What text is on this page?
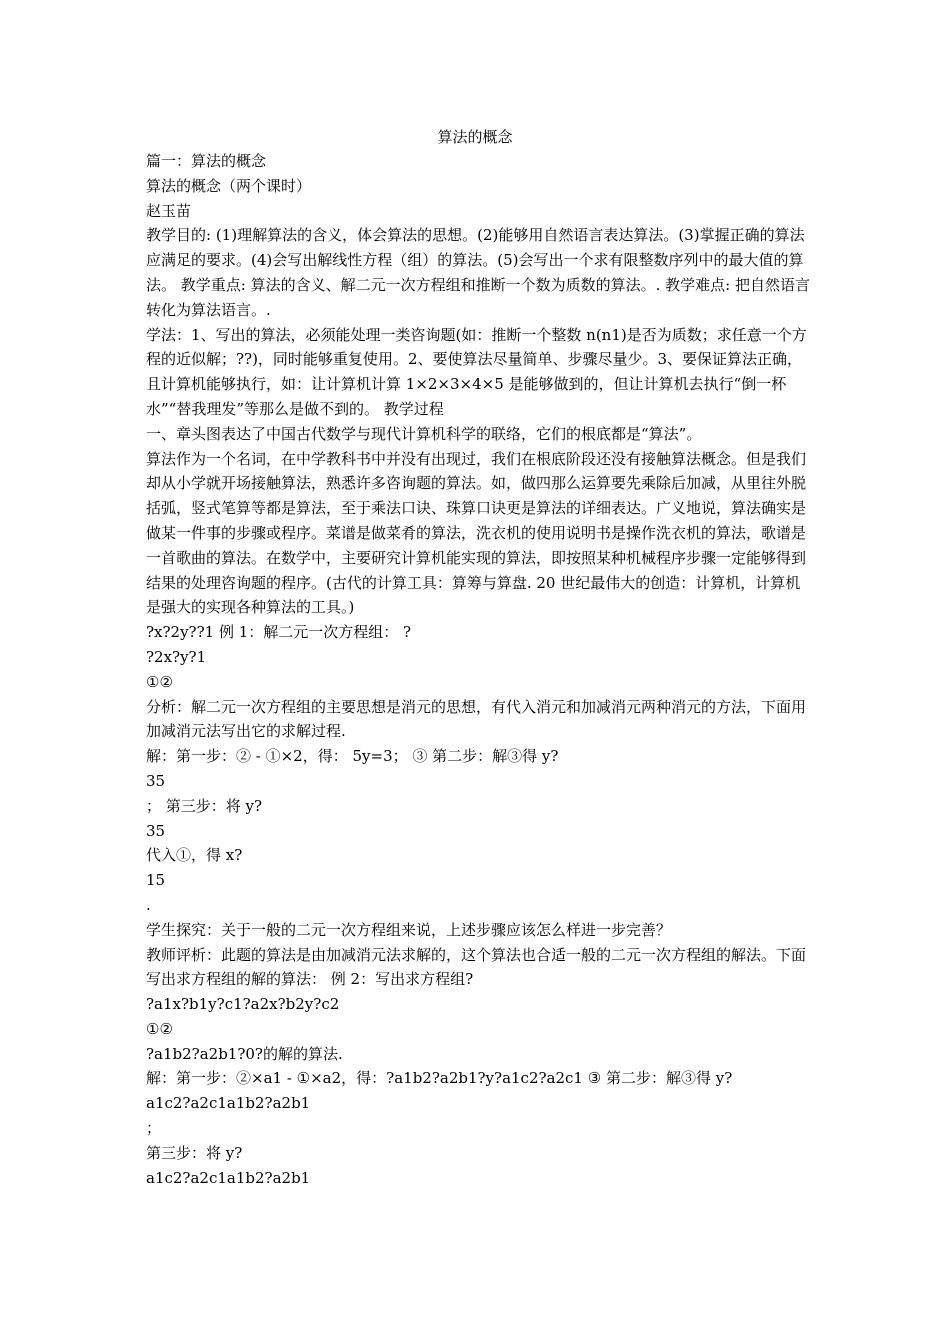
算法的概念

篇一：算法的概念

算法的概念（两个课时）

赵玉苗

教学目的: (1)理解算法的含义，体会算法的思想。(2)能够用自然语言表达算法。(3)掌握正确的算法应满足的要求。(4)会写出解线性方程（组）的算法。(5)会写出一个求有限整数序列中的最大值的算法。 教学重点: 算法的含义、解二元一次方程组和推断一个数为质数的算法。. 教学难点: 把自然语言转化为算法语言。.

学法：1、写出的算法，必须能处理一类咨询题(如：推断一个整数 n(n1)是否为质数；求任意一个方程的近似解；??)，同时能够重复使用。2、要使算法尽量简单、步骤尽量少。3、要保证算法正确，且计算机能够执行，如：让计算机计算 1×2×3×4×5 是能够做到的，但让计算机去执行“倒一杯水”“替我理发”等那么是做不到的。 教学过程

一、章头图表达了中国古代数学与现代计算机科学的联络，它们的根底都是“算法”。

算法作为一个名词，在中学教科书中并没有出现过，我们在根底阶段还没有接触算法概念。但是我们却从小学就开场接触算法，熟悉许多咨询题的算法。如，做四那么运算要先乘除后加减，从里往外脱括弧，竖式笔算等都是算法，至于乘法口诀、珠算口诀更是算法的详细表达。广义地说，算法确实是做某一件事的步骤或程序。菜谱是做菜肴的算法，洗衣机的使用说明书是操作洗衣机的算法，歌谱是一首歌曲的算法。在数学中，主要研究计算机能实现的算法，即按照某种机械程序步骤一定能够得到结果的处理咨询题的程序。(古代的计算工具：算筹与算盘. 20 世纪最伟大的创造：计算机，计算机是强大的实现各种算法的工具。)

?x?2y??1 例 1：解二元一次方程组： ?

?2x?y?1

①②

分析：解二元一次方程组的主要思想是消元的思想，有代入消元和加减消元两种消元的方法，下面用加减消元法写出它的求解过程.

解：第一步：② - ①×2，得： 5y=3； ③ 第二步：解③得 y?

35

； 第三步：将 y?

35

代入①，得 x?

15

.

学生探究：关于一般的二元一次方程组来说，上述步骤应该怎么样进一步完善？

教师评析：此题的算法是由加减消元法求解的，这个算法也合适一般的二元一次方程组的解法。下面写出求方程组的解的算法： 例 2：写出求方程组?

?a1x?b1y?c1?a2x?b2y?c2

①②

?a1b2?a2b1?0?的解的算法.

解：第一步：②×a1 - ①×a2，得：?a1b2?a2b1?y?a1c2?a2c1 ③ 第二步：解③得 y?

a1c2?a2c1a1b2?a2b1

；

第三步：将 y?

a1c2?a2c1a1b2?a2b1
